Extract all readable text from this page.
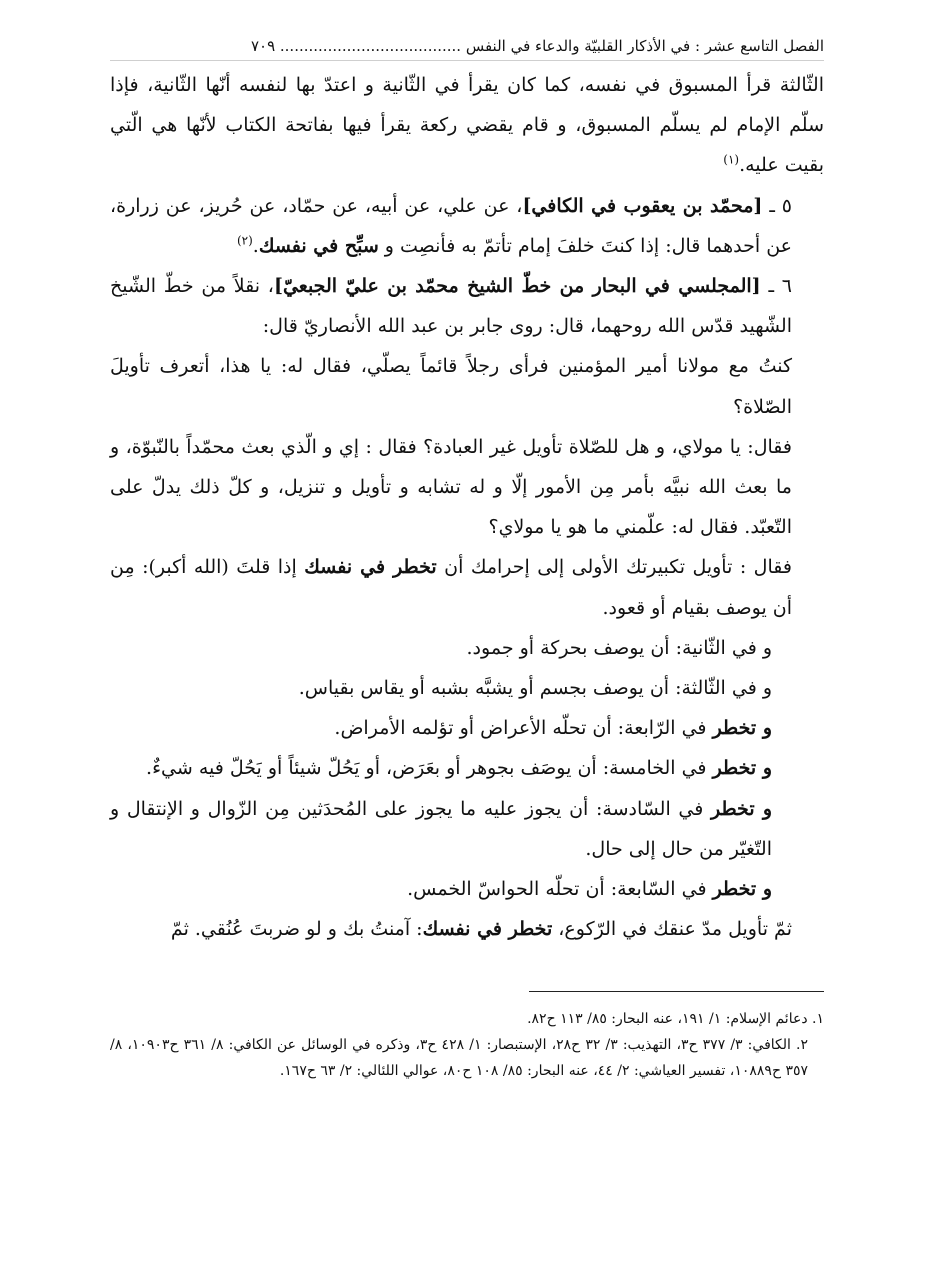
الفصل التاسع عشر : في الأذكار القلبيّة والدعاء في النفس ...................................... ٧٠٩

الثّالثة قرأ المسبوق في نفسه، كما كان يقرأ في الثّانية و اعتدّ بها لنفسه أنّها الثّانية، فإذا سلّم الإمام لم يسلّم المسبوق، و قام يقضي ركعة يقرأ فيها بفاتحة الكتاب لأنّها هي الّتي بقيت عليه.$^{(١)}$

٥ ـ [محمّد بن يعقوب في الكافي]، عن علي، عن أبيه، عن حمّاد، عن حُريز، عن زرارة، عن أحدهما قال: إذا كنتَ خلفَ إمام تأتمّ به فأنصِت و سبِّح في نفسك.$^{(٢)}$

٦ ـ [المجلسي في البحار من خطّ الشيخ محمّد بن عليّ الجبعيّ]، نقلاً من خطّ الشّيخ الشّهيد قدّس الله روحهما، قال: روى جابر بن عبد الله الأنصاريّ قال:

كنتُ مع مولانا أمير المؤمنين فرأى رجلاً قائماً يصلّي، فقال له: يا هذا، أتعرف تأويلَ الصّلاة؟

فقال: يا مولاي، و هل للصّلاة تأويل غير العبادة؟ فقال : إي و الّذي بعث محمّداً بالنّبوّة، و ما بعث الله نبيَّه بأمر مِن الأمور إلّا و له تشابه و تأويل و تنزيل، و كلّ ذلك يدلّ على التّعبّد. فقال له: علّمني ما هو يا مولاي؟

فقال : تأويل تكبيرتك الأولى إلى إحرامك أن تخطر في نفسك إذا قلتَ (الله أكبر): مِن أن يوصف بقيام أو قعود.

و في الثّانية: أن يوصف بحركة أو جمود.

و في الثّالثة: أن يوصف بجسم أو يشبَّه بشبه أو يقاس بقياس.

و تخطر في الرّابعة: أن تحلّه الأعراض أو تؤلمه الأمراض.

و تخطر في الخامسة: أن يوصَف بجوهر أو بعَرَض، أو يَحُلّ شيئاً أو يَحُلّ فيه شيءٌ.

و تخطر في السّادسة: أن يجوز عليه ما يجوز على المُحدَثين مِن الزّوال و الإنتقال و التّغيّر من حال إلى حال.

و تخطر في السّابعة: أن تحلّه الحواسّ الخمس.

ثمّ تأويل مدّ عنقك في الرّكوع، تخطر في نفسك: آمنتُ بك و لو ضربتَ عُنُقي. ثمّ

١. دعائم الإسلام: ١/ ١٩١، عنه البحار: ٨٥/ ١١٣ ح٨٢.

٢. الكافي: ٣/ ٣٧٧ ح٣، التهذيب: ٣/ ٣٢ ح٢٨، الإستبصار: ١/ ٤٢٨ ح٣، وذكره في الوسائل عن الكافي: ٨/ ٣٦١ ح١٠٩٠٣، ٨/ ٣٥٧ ح١٠٨٨٩، تفسير العياشي: ٢/ ٤٤، عنه البحار: ٨٥/ ١٠٨ ح٨٠، عوالي اللئالي: ٢/ ٦٣ ح١٦٧.
